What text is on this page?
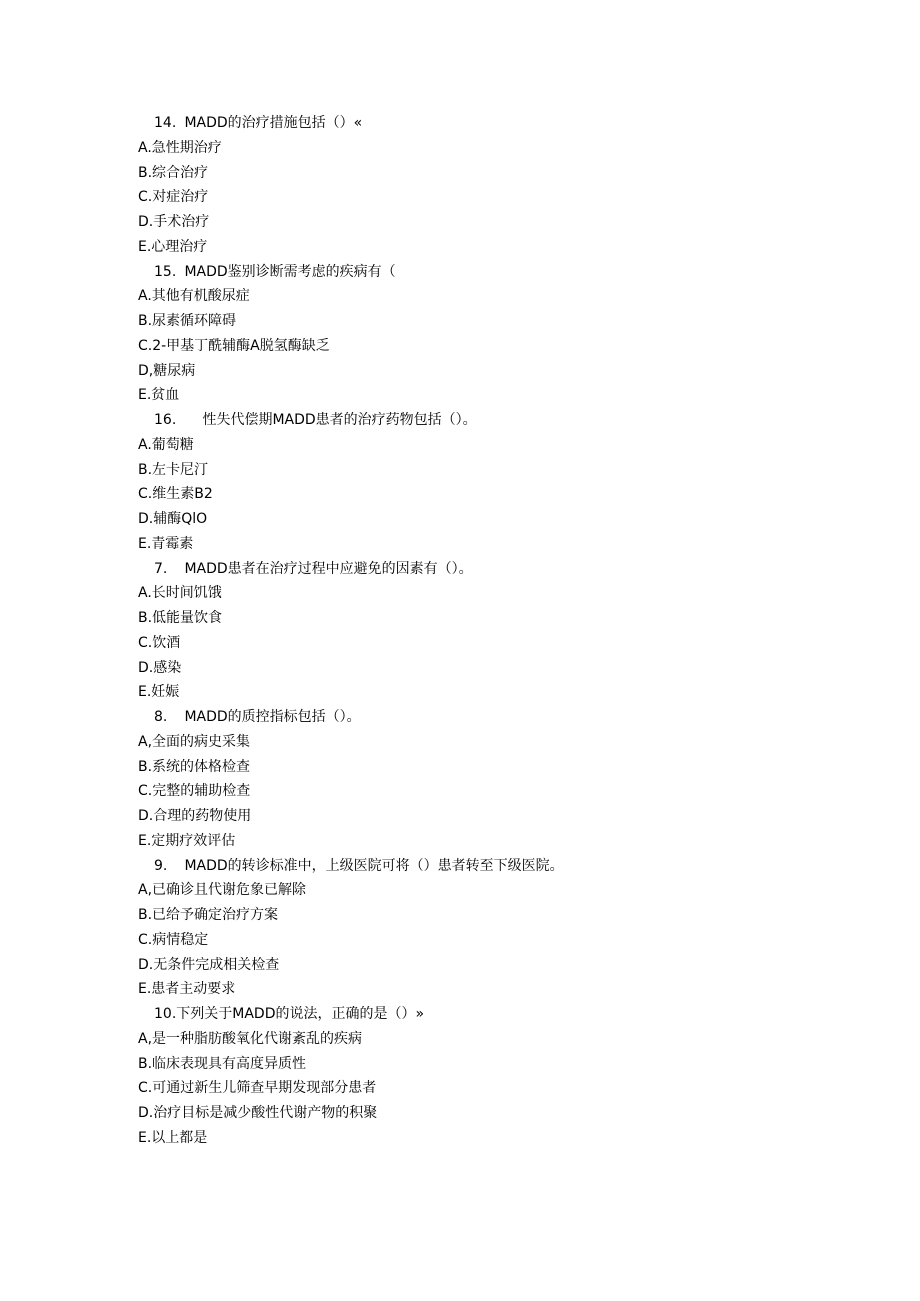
14. MADD的治疗措施包括（）«
A.急性期治疗
B.综合治疗
C.对症治疗
D.手术治疗
E.心理治疗
15. MADD鉴别诊断需考虑的疾病有（
A.其他有机酸尿症
B.尿素循环障碍
C.2-甲基丁酰辅酶A脱氢酶缺乏
D,糖尿病
E.贫血
16. 性失代偿期MADD患者的治疗药物包括（）。
A.葡萄糖
B.左卡尼汀
C.维生素B2
D.辅酶QlO
E.青霉素
7. MADD患者在治疗过程中应避免的因素有（）。
A.长时间饥饿
B.低能量饮食
C.饮酒
D.感染
E.妊娠
8. MADD的质控指标包括（）。
A,全面的病史采集
B.系统的体格检查
C.完整的辅助检查
D.合理的药物使用
E.定期疗效评估
9. MADD的转诊标准中，上级医院可将（）患者转至下级医院。
A,已确诊且代谢危象已解除
B.已给予确定治疗方案
C.病情稳定
D.无条件完成相关检查
E.患者主动要求
10.下列关于MADD的说法，正确的是（）»
A,是一种脂肪酸氧化代谢紊乱的疾病
B.临床表现具有高度异质性
C.可通过新生儿筛查早期发现部分患者
D.治疗目标是减少酸性代谢产物的积聚
E.以上都是
